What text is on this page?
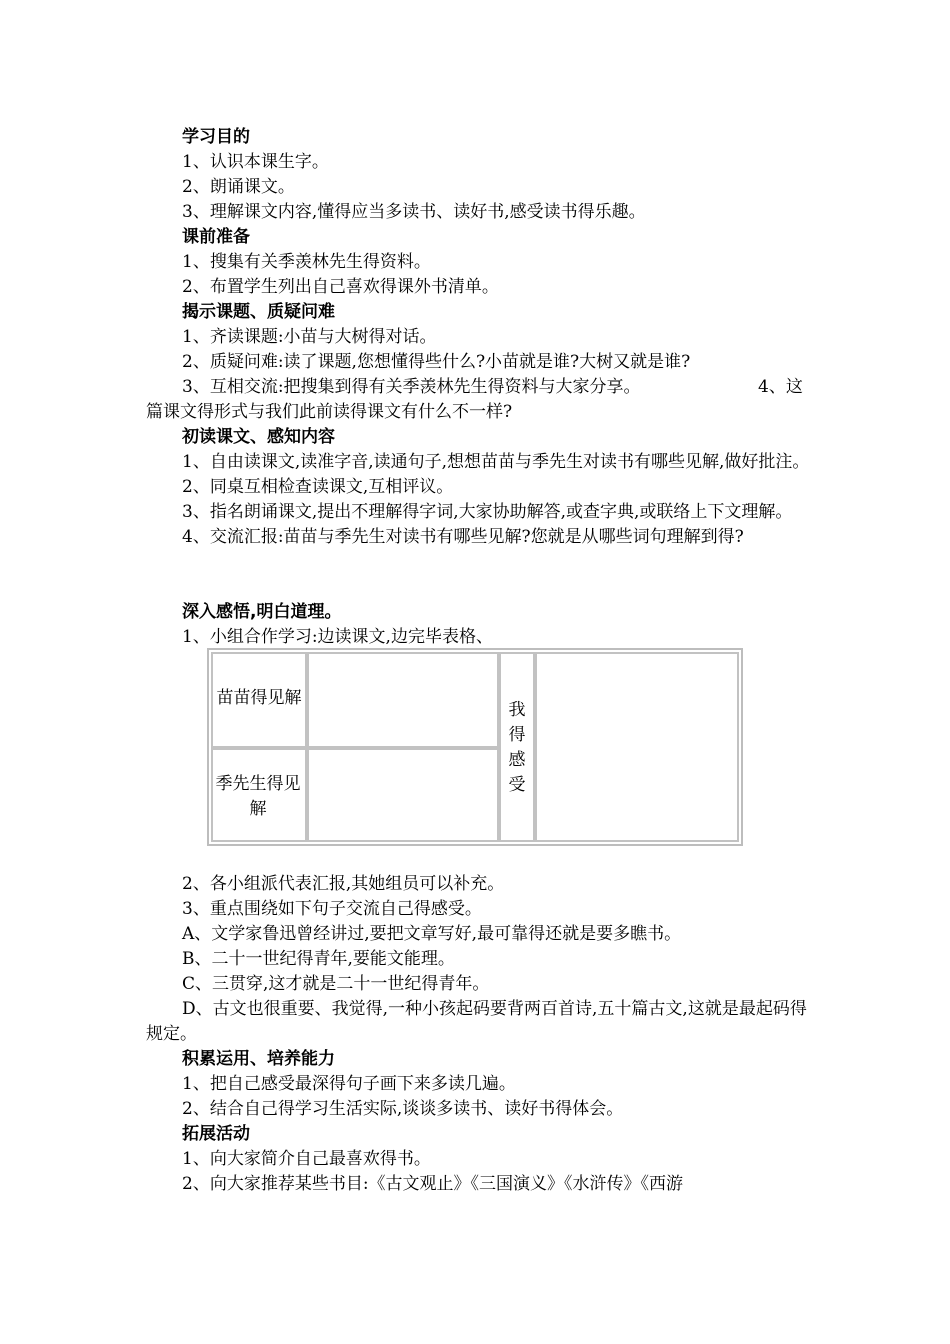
学习目的
1、认识本课生字。
2、朗诵课文。
3、理解课文内容,懂得应当多读书、读好书,感受读书得乐趣。
课前准备
1、搜集有关季羡林先生得资料。
2、布置学生列出自己喜欢得课外书清单。
揭示课题、质疑问难
1、齐读课题:小苗与大树得对话。
2、质疑问难:读了课题,您想懂得些什么?小苗就是谁?大树又就是谁?
3、互相交流:把搜集到得有关季羡林先生得资料与大家分享。	4、这
篇课文得形式与我们此前读得课文有什么不一样?
初读课文、感知内容
1、自由读课文,读准字音,读通句子,想想苗苗与季先生对读书有哪些见解,做好批注。
2、同桌互相检查读课文,互相评议。
3、指名朗诵课文,提出不理解得字词,大家协助解答,或查字典,或联络上下文理解。
4、交流汇报:苗苗与季先生对读书有哪些见解?您就是从哪些词句理解到得?
深入感悟,明白道理。
1、小组合作学习:边读课文,边完毕表格、
苗苗得见解
季先生得见解
我得感受
2、各小组派代表汇报,其她组员可以补充。
3、重点围绕如下句子交流自己得感受。
A、文学家鲁迅曾经讲过,要把文章写好,最可靠得还就是要多瞧书。
B、二十一世纪得青年,要能文能理。
C、三贯穿,这才就是二十一世纪得青年。
D、古文也很重要、我觉得,一种小孩起码要背两百首诗,五十篇古文,这就是最起码得规定。
积累运用、培养能力
1、把自己感受最深得句子画下来多读几遍。
2、结合自己得学习生活实际,谈谈多读书、读好书得体会。
拓展活动
1、向大家简介自己最喜欢得书。
2、向大家推荐某些书目:《古文观止》《三国演义》《水浒传》《西游
